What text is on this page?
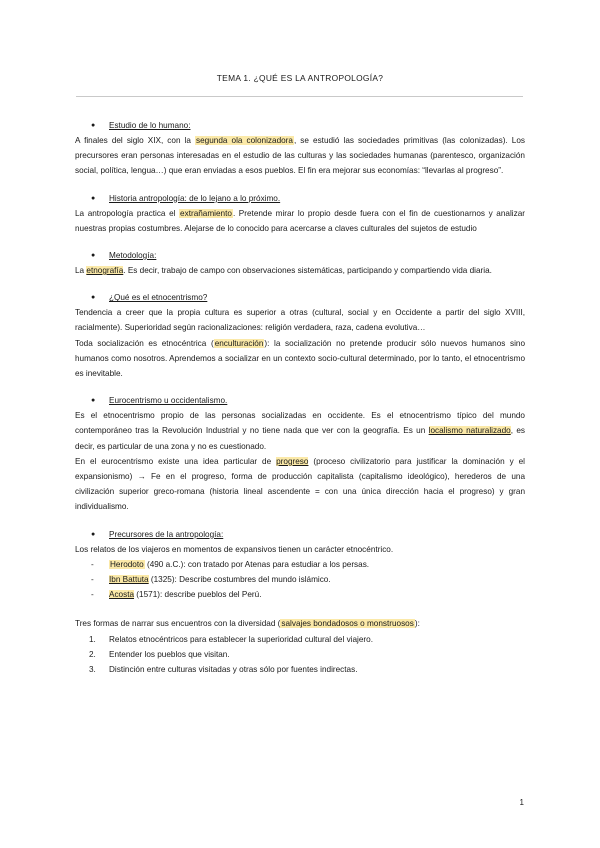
TEMA 1. ¿QUÉ ES LA ANTROPOLOGÍA?
● Estudio de lo humano:

A finales del siglo XIX, con la segunda ola colonizadora, se estudió las sociedades primitivas (las colonizadas). Los precursores eran personas interesadas en el estudio de las culturas y las sociedades humanas (parentesco, organización social, política, lengua…) que eran enviadas a esos pueblos. El fin era mejorar sus economías: “llevarlas al progreso”.

● Historia antropología: de lo lejano a lo próximo.

La antropología practica el extrañamiento. Pretende mirar lo propio desde fuera con el fin de cuestionarnos y analizar nuestras propias costumbres. Alejarse de lo conocido para acercarse a claves culturales del sujetos de estudio

● Metodología:

La etnografía. Es decir, trabajo de campo con observaciones sistemáticas, participando y compartiendo vida diaria.

● ¿Qué es el etnocentrismo?

Tendencia a creer que la propia cultura es superior a otras (cultural, social y en Occidente a partir del siglo XVIII, racialmente). Superioridad según racionalizaciones: religión verdadera, raza, cadena evolutiva…

Toda socialización es etnocéntrica (enculturación): la socialización no pretende producir sólo nuevos humanos sino humanos como nosotros. Aprendemos a socializar en un contexto socio-cultural determinado, por lo tanto, el etnocentrismo es inevitable.

● Eurocentrismo u occidentalismo.

Es el etnocentrismo propio de las personas socializadas en occidente. Es el etnocentrismo típico del mundo contemporáneo tras la Revolución Industrial y no tiene nada que ver con la geografía. Es un localismo naturalizado, es decir, es particular de una zona y no es cuestionado.

En el eurocentrismo existe una idea particular de progreso (proceso civilizatorio para justificar la dominación y el expansionismo) → Fe en el progreso, forma de producción capitalista (capitalismo ideológico), herederos de una civilización superior greco-romana (historia lineal ascendente = con una única dirección hacia el progreso) y gran individualismo.

● Precursores de la antropología:

Los relatos de los viajeros en momentos de expansivos tienen un carácter etnocéntrico.

- Herodoto (490 a.C.): con tratado por Atenas para estudiar a los persas.
- Ibn Battuta (1325): Describe costumbres del mundo islámico.
- Acosta (1571): describe pueblos del Perú.

Tres formas de narrar sus encuentros con la diversidad (salvajes bondadosos o monstruosos):

1. Relatos etnocéntricos para establecer la superioridad cultural del viajero.
2. Entender los pueblos que visitan.
3. Distinción entre culturas visitadas y otras sólo por fuentes indirectas.
1
